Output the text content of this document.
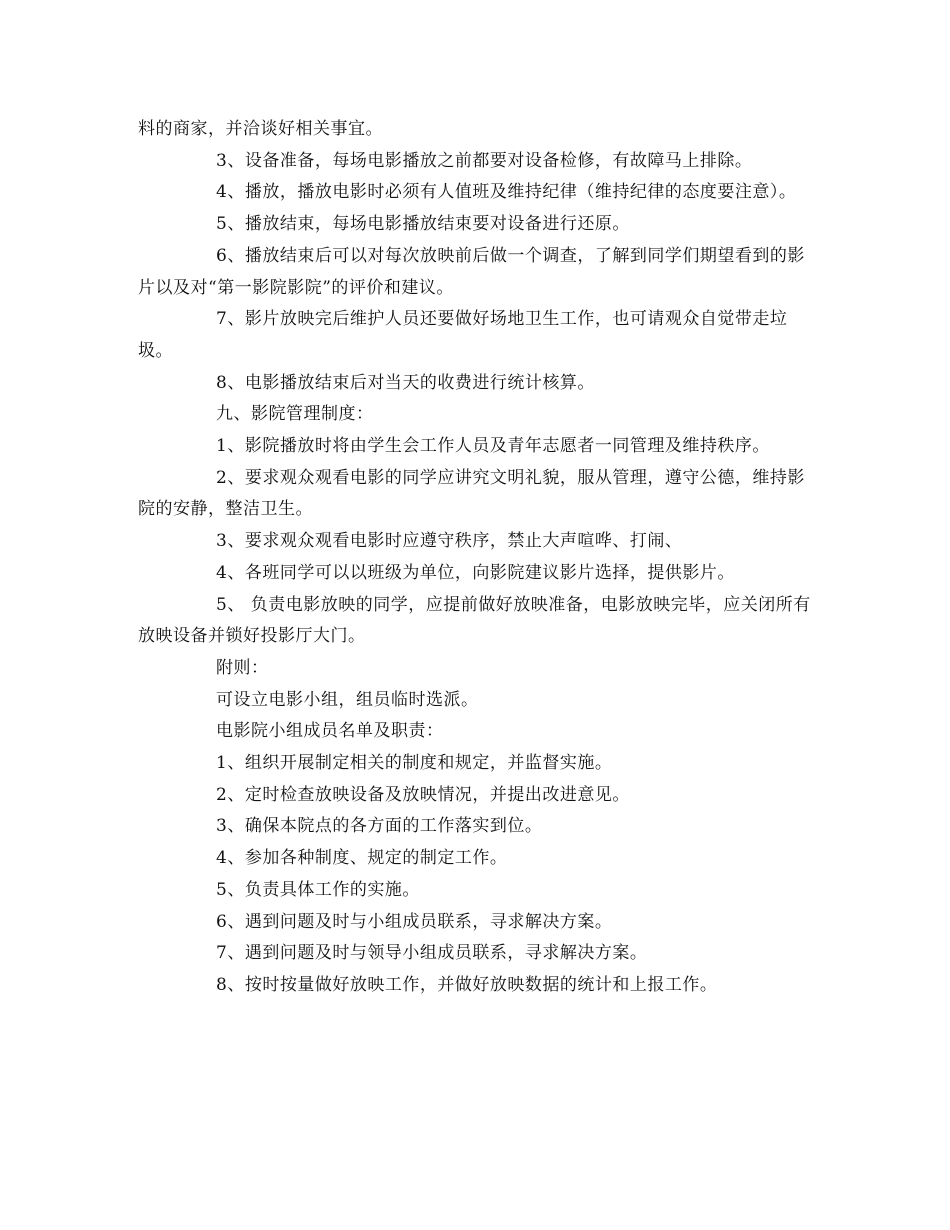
料的商家，并洽谈好相关事宜。

3、设备准备，每场电影播放之前都要对设备检修，有故障马上排除。

4、播放，播放电影时必须有人值班及维持纪律（维持纪律的态度要注意）。

5、播放结束，每场电影播放结束要对设备进行还原。

6、播放结束后可以对每次放映前后做一个调查，了解到同学们期望看到的影片以及对“第一影院影院”的评价和建议。

7、影片放映完后维护人员还要做好场地卫生工作，也可请观众自觉带走垃圾。

8、电影播放结束后对当天的收费进行统计核算。

九、影院管理制度：

1、影院播放时将由学生会工作人员及青年志愿者一同管理及维持秩序。

2、要求观众观看电影的同学应讲究文明礼貌，服从管理，遵守公德，维持影院的安静，整洁卫生。

3、要求观众观看电影时应遵守秩序，禁止大声喧哗、打闹、

4、各班同学可以以班级为单位，向影院建议影片选择，提供影片。

5、 负责电影放映的同学，应提前做好放映准备，电影放映完毕，应关闭所有放映设备并锁好投影厅大门。

附则：

可设立电影小组，组员临时选派。

电影院小组成员名单及职责：

1、组织开展制定相关的制度和规定，并监督实施。

2、定时检查放映设备及放映情况，并提出改进意见。

3、确保本院点的各方面的工作落实到位。

4、参加各种制度、规定的制定工作。

5、负责具体工作的实施。

6、遇到问题及时与小组成员联系，寻求解决方案。

7、遇到问题及时与领导小组成员联系，寻求解决方案。

8、按时按量做好放映工作，并做好放映数据的统计和上报工作。
